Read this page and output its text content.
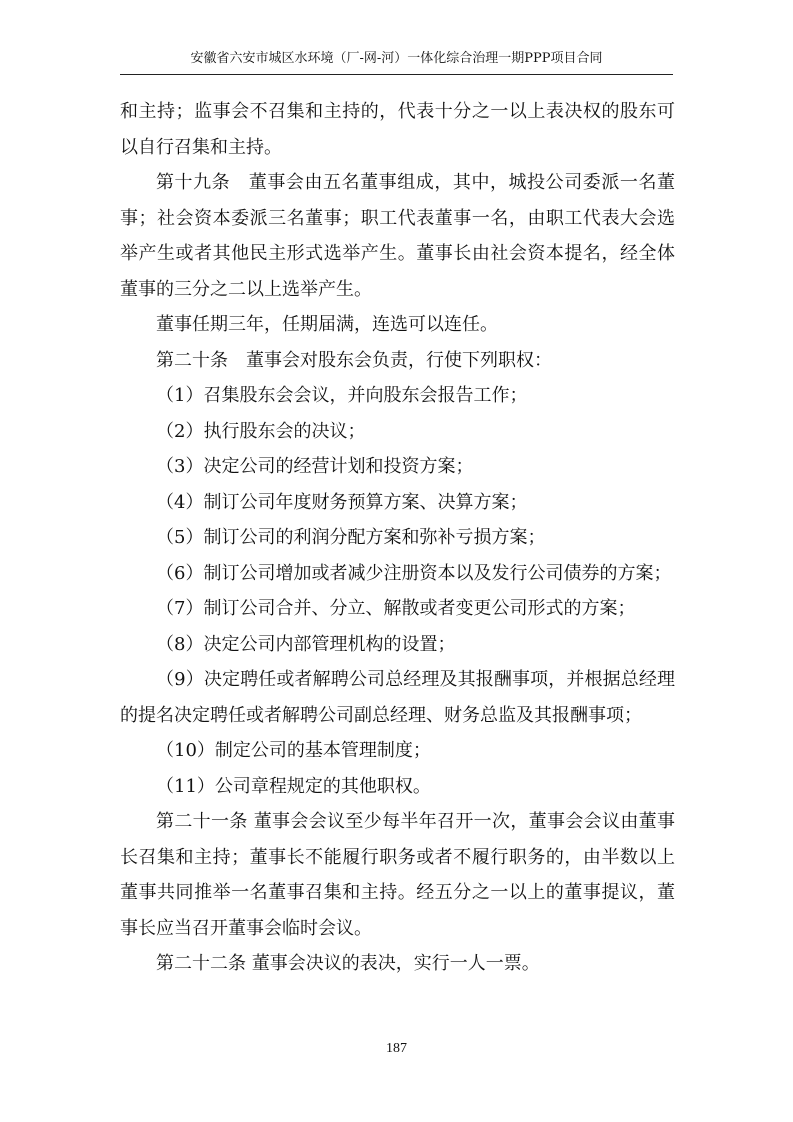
安徽省六安市城区水环境（厂-网-河）一体化综合治理一期PPP项目合同

和主持；监事会不召集和主持的，代表十分之一以上表决权的股东可以自行召集和主持。

第十九条　董事会由五名董事组成，其中，城投公司委派一名董事；社会资本委派三名董事；职工代表董事一名，由职工代表大会选举产生或者其他民主形式选举产生。董事长由社会资本提名，经全体董事的三分之二以上选举产生。

董事任期三年，任期届满，连选可以连任。

第二十条　董事会对股东会负责，行使下列职权：

（1）召集股东会会议，并向股东会报告工作；

（2）执行股东会的决议；

（3）决定公司的经营计划和投资方案；

（4）制订公司年度财务预算方案、决算方案；

（5）制订公司的利润分配方案和弥补亏损方案；

（6）制订公司增加或者减少注册资本以及发行公司债券的方案；

（7）制订公司合并、分立、解散或者变更公司形式的方案；

（8）决定公司内部管理机构的设置；

（9）决定聘任或者解聘公司总经理及其报酬事项，并根据总经理的提名决定聘任或者解聘公司副总经理、财务总监及其报酬事项；

（10）制定公司的基本管理制度；

（11）公司章程规定的其他职权。

第二十一条 董事会会议至少每半年召开一次，董事会会议由董事长召集和主持；董事长不能履行职务或者不履行职务的，由半数以上董事共同推举一名董事召集和主持。经五分之一以上的董事提议，董事长应当召开董事会临时会议。

第二十二条 董事会决议的表决，实行一人一票。

187
